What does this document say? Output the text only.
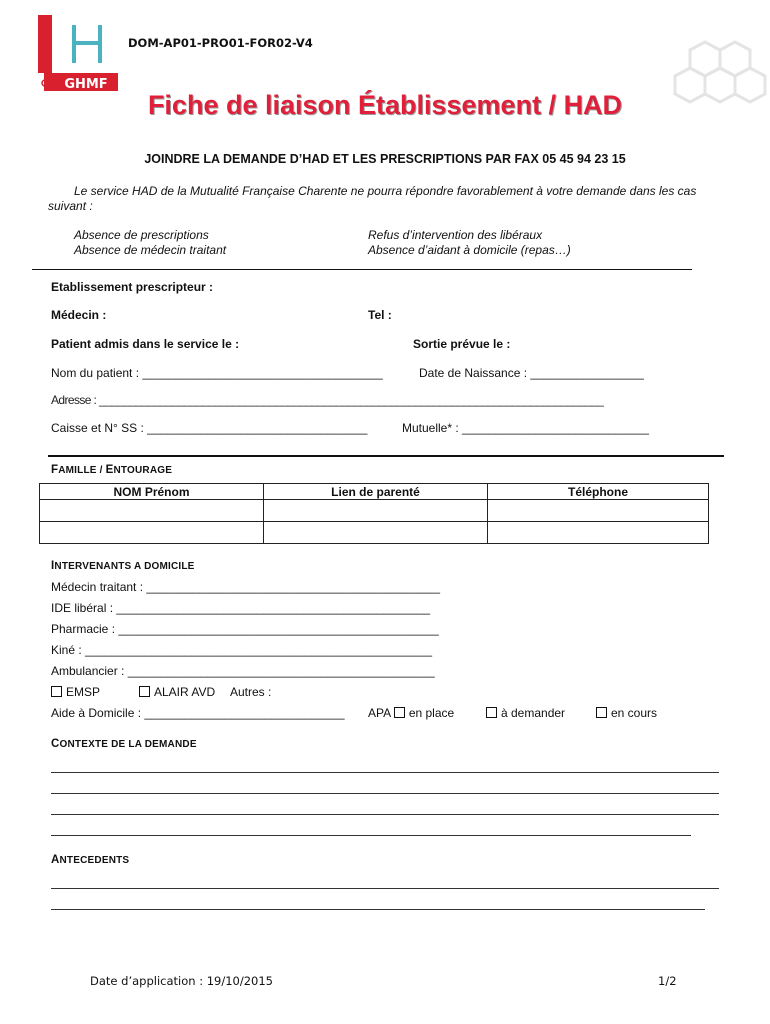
GHMF
DOM-AP01-PRO01-FOR02-V4
Fiche de liaison Établissement / HAD
JOINDRE LA DEMANDE D’HAD ET LES PRESCRIPTIONS PAR FAX 05 45 94 23 15
Le service HAD de la Mutualité Française Charente ne pourra répondre favorablement à votre demande dans les cas suivant :
Absence de prescriptions
Absence de médecin traitant
Refus d’intervention des libéraux
Absence d’aidant à domicile (repas…)
Etablissement prescripteur :
Médecin :	Tel :
Patient admis dans le service le :	Sortie prévue le :
Nom du patient : ____________________________________	Date de Naissance : _________________
Adresse : ___________________________________________________________________________________
Caisse et N° SS : _________________________________	Mutuelle* : ____________________________
FAMILLE / ENTOURAGE
NOM Prénom	Lien de parenté	Téléphone

INTERVENANTS A DOMICILE
Médecin traitant : ____________________________________________
IDE libéral : _______________________________________________
Pharmacie : ________________________________________________
Kiné : ____________________________________________________
Ambulancier : ______________________________________________
EMSP	ALAIR AVD Autres :
Aide à Domicile : ______________________________ APA en place	à demander	en cours
CONTEXTE DE LA DEMANDE
ANTECEDENTS
Date d’application : 19/10/2015	1/2
